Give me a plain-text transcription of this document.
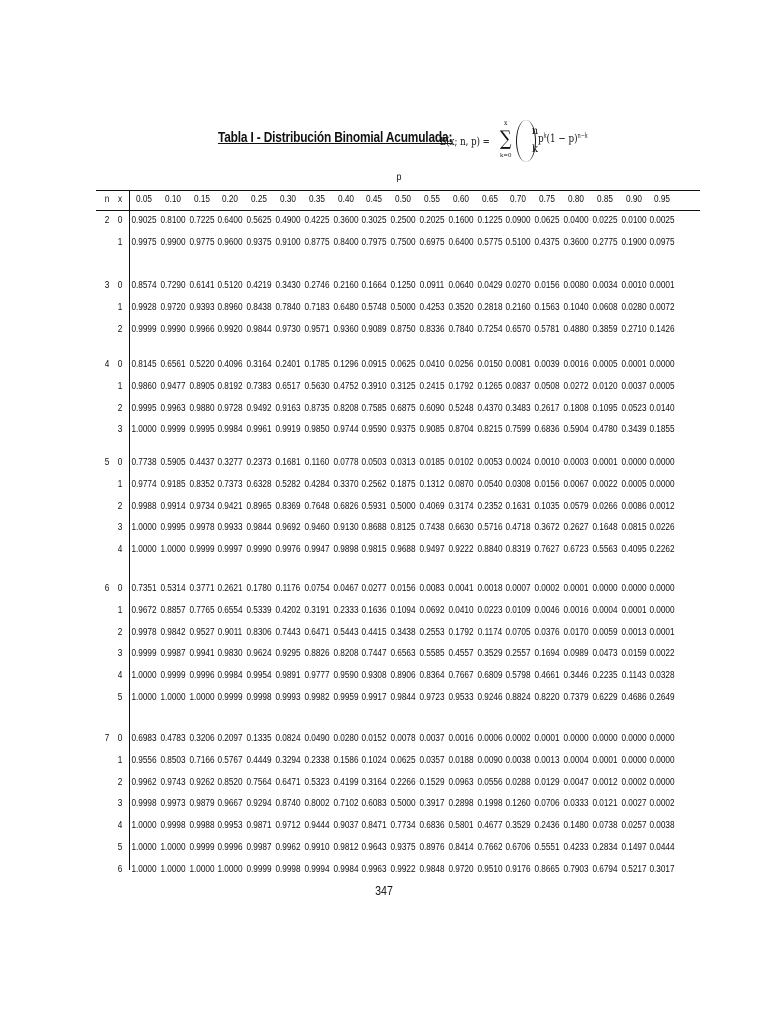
Tabla I - Distribución Binomial Acumulada:
B(x; n, p) =
x
∑
k=0
n
k
$p^k(1 - p)^{n-k}$
p
n x	0.05	0.10	0.15	0.20	0.25	0.30	0.35	0.40	0.45	0.50	0.55	0.60	0.65	0.70	0.75	0.80	0.85	0.90	0.95
2 0 0.9025 0.8100 0.7225 0.6400 0.5625 0.4900 0.4225 0.3600 0.3025 0.2500 0.2025 0.1600 0.1225 0.0900 0.0625 0.0400 0.0225 0.0100 0.0025
1 0.9975 0.9900 0.9775 0.9600 0.9375 0.9100 0.8775 0.8400 0.7975 0.7500 0.6975 0.6400 0.5775 0.5100 0.4375 0.3600 0.2775 0.1900 0.0975
3 0 0.8574 0.7290 0.6141 0.5120 0.4219 0.3430 0.2746 0.2160 0.1664 0.1250 0.0911 0.0640 0.0429 0.0270 0.0156 0.0080 0.0034 0.0010 0.0001
1 0.9928 0.9720 0.9393 0.8960 0.8438 0.7840 0.7183 0.6480 0.5748 0.5000 0.4253 0.3520 0.2818 0.2160 0.1563 0.1040 0.0608 0.0280 0.0072
2 0.9999 0.9990 0.9966 0.9920 0.9844 0.9730 0.9571 0.9360 0.9089 0.8750 0.8336 0.7840 0.7254 0.6570 0.5781 0.4880 0.3859 0.2710 0.1426
4 0 0.8145 0.6561 0.5220 0.4096 0.3164 0.2401 0.1785 0.1296 0.0915 0.0625 0.0410 0.0256 0.0150 0.0081 0.0039 0.0016 0.0005 0.0001 0.0000
1 0.9860 0.9477 0.8905 0.8192 0.7383 0.6517 0.5630 0.4752 0.3910 0.3125 0.2415 0.1792 0.1265 0.0837 0.0508 0.0272 0.0120 0.0037 0.0005
2 0.9995 0.9963 0.9880 0.9728 0.9492 0.9163 0.8735 0.8208 0.7585 0.6875 0.6090 0.5248 0.4370 0.3483 0.2617 0.1808 0.1095 0.0523 0.0140
3 1.0000 0.9999 0.9995 0.9984 0.9961 0.9919 0.9850 0.9744 0.9590 0.9375 0.9085 0.8704 0.8215 0.7599 0.6836 0.5904 0.4780 0.3439 0.1855
5 0 0.7738 0.5905 0.4437 0.3277 0.2373 0.1681 0.1160 0.0778 0.0503 0.0313 0.0185 0.0102 0.0053 0.0024 0.0010 0.0003 0.0001 0.0000 0.0000
1 0.9774 0.9185 0.8352 0.7373 0.6328 0.5282 0.4284 0.3370 0.2562 0.1875 0.1312 0.0870 0.0540 0.0308 0.0156 0.0067 0.0022 0.0005 0.0000
2 0.9988 0.9914 0.9734 0.9421 0.8965 0.8369 0.7648 0.6826 0.5931 0.5000 0.4069 0.3174 0.2352 0.1631 0.1035 0.0579 0.0266 0.0086 0.0012
3 1.0000 0.9995 0.9978 0.9933 0.9844 0.9692 0.9460 0.9130 0.8688 0.8125 0.7438 0.6630 0.5716 0.4718 0.3672 0.2627 0.1648 0.0815 0.0226
4 1.0000 1.0000 0.9999 0.9997 0.9990 0.9976 0.9947 0.9898 0.9815 0.9688 0.9497 0.9222 0.8840 0.8319 0.7627 0.6723 0.5563 0.4095 0.2262
6 0 0.7351 0.5314 0.3771 0.2621 0.1780 0.1176 0.0754 0.0467 0.0277 0.0156 0.0083 0.0041 0.0018 0.0007 0.0002 0.0001 0.0000 0.0000 0.0000
1 0.9672 0.8857 0.7765 0.6554 0.5339 0.4202 0.3191 0.2333 0.1636 0.1094 0.0692 0.0410 0.0223 0.0109 0.0046 0.0016 0.0004 0.0001 0.0000
2 0.9978 0.9842 0.9527 0.9011 0.8306 0.7443 0.6471 0.5443 0.4415 0.3438 0.2553 0.1792 0.1174 0.0705 0.0376 0.0170 0.0059 0.0013 0.0001
3 0.9999 0.9987 0.9941 0.9830 0.9624 0.9295 0.8826 0.8208 0.7447 0.6563 0.5585 0.4557 0.3529 0.2557 0.1694 0.0989 0.0473 0.0159 0.0022
4 1.0000 0.9999 0.9996 0.9984 0.9954 0.9891 0.9777 0.9590 0.9308 0.8906 0.8364 0.7667 0.6809 0.5798 0.4661 0.3446 0.2235 0.1143 0.0328
5 1.0000 1.0000 1.0000 0.9999 0.9998 0.9993 0.9982 0.9959 0.9917 0.9844 0.9723 0.9533 0.9246 0.8824 0.8220 0.7379 0.6229 0.4686 0.2649
7 0 0.6983 0.4783 0.3206 0.2097 0.1335 0.0824 0.0490 0.0280 0.0152 0.0078 0.0037 0.0016 0.0006 0.0002 0.0001 0.0000 0.0000 0.0000 0.0000
1 0.9556 0.8503 0.7166 0.5767 0.4449 0.3294 0.2338 0.1586 0.1024 0.0625 0.0357 0.0188 0.0090 0.0038 0.0013 0.0004 0.0001 0.0000 0.0000
2 0.9962 0.9743 0.9262 0.8520 0.7564 0.6471 0.5323 0.4199 0.3164 0.2266 0.1529 0.0963 0.0556 0.0288 0.0129 0.0047 0.0012 0.0002 0.0000
3 0.9998 0.9973 0.9879 0.9667 0.9294 0.8740 0.8002 0.7102 0.6083 0.5000 0.3917 0.2898 0.1998 0.1260 0.0706 0.0333 0.0121 0.0027 0.0002
4 1.0000 0.9998 0.9988 0.9953 0.9871 0.9712 0.9444 0.9037 0.8471 0.7734 0.6836 0.5801 0.4677 0.3529 0.2436 0.1480 0.0738 0.0257 0.0038
5 1.0000 1.0000 0.9999 0.9996 0.9987 0.9962 0.9910 0.9812 0.9643 0.9375 0.8976 0.8414 0.7662 0.6706 0.5551 0.4233 0.2834 0.1497 0.0444
6 1.0000 1.0000 1.0000 1.0000 0.9999 0.9998 0.9994 0.9984 0.9963 0.9922 0.9848 0.9720 0.9510 0.9176 0.8665 0.7903 0.6794 0.5217 0.3017
347
